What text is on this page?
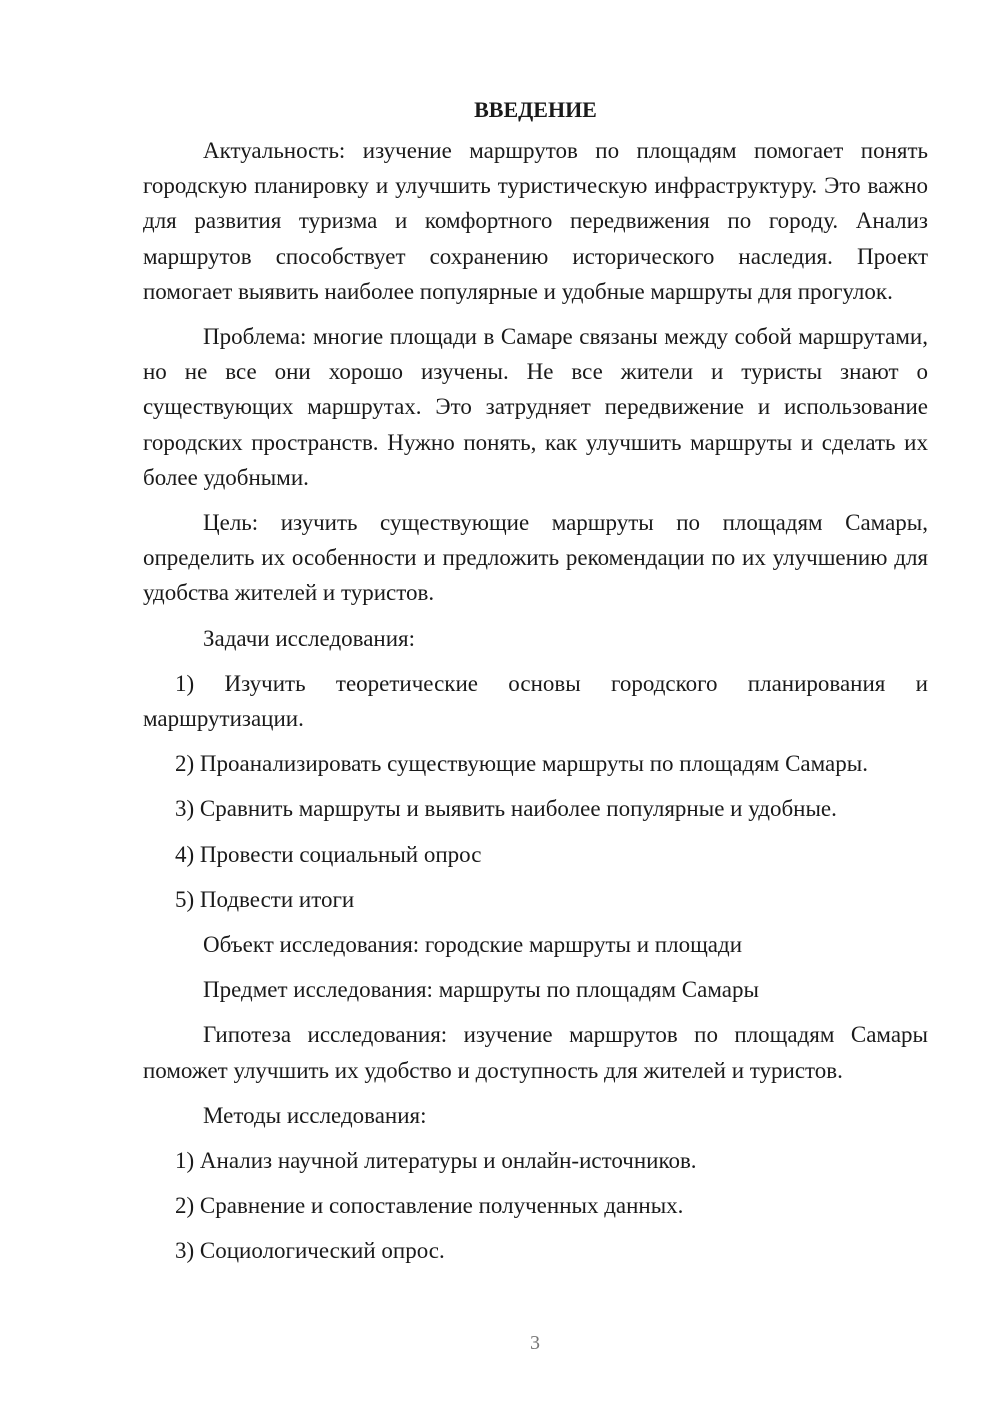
ВВЕДЕНИЕ

Актуальность: изучение маршрутов по площадям помогает понять городскую планировку и улучшить туристическую инфраструктуру. Это важно для развития туризма и комфортного передвижения по городу. Анализ маршрутов способствует сохранению исторического наследия. Проект помогает выявить наиболее популярные и удобные маршруты для прогулок.

Проблема: многие площади в Самаре связаны между собой маршрутами, но не все они хорошо изучены. Не все жители и туристы знают о существующих маршрутах. Это затрудняет передвижение и использование городских пространств. Нужно понять, как улучшить маршруты и сделать их более удобными.

Цель: изучить существующие маршруты по площадям Самары, определить их особенности и предложить рекомендации по их улучшению для удобства жителей и туристов.

Задачи исследования:

1) Изучить теоретические основы городского планирования и маршрутизации.

2) Проанализировать существующие маршруты по площадям Самары.

3) Сравнить маршруты и выявить наиболее популярные и удобные.

4) Провести социальный опрос

5) Подвести итоги

Объект исследования: городские маршруты и площади

Предмет исследования: маршруты по площадям Самары

Гипотеза исследования: изучение маршрутов по площадям Самары поможет улучшить их удобство и доступность для жителей и туристов.

Методы исследования:

1) Анализ научной литературы и онлайн-источников.

2) Сравнение и сопоставление полученных данных.

3) Социологический опрос.

3
